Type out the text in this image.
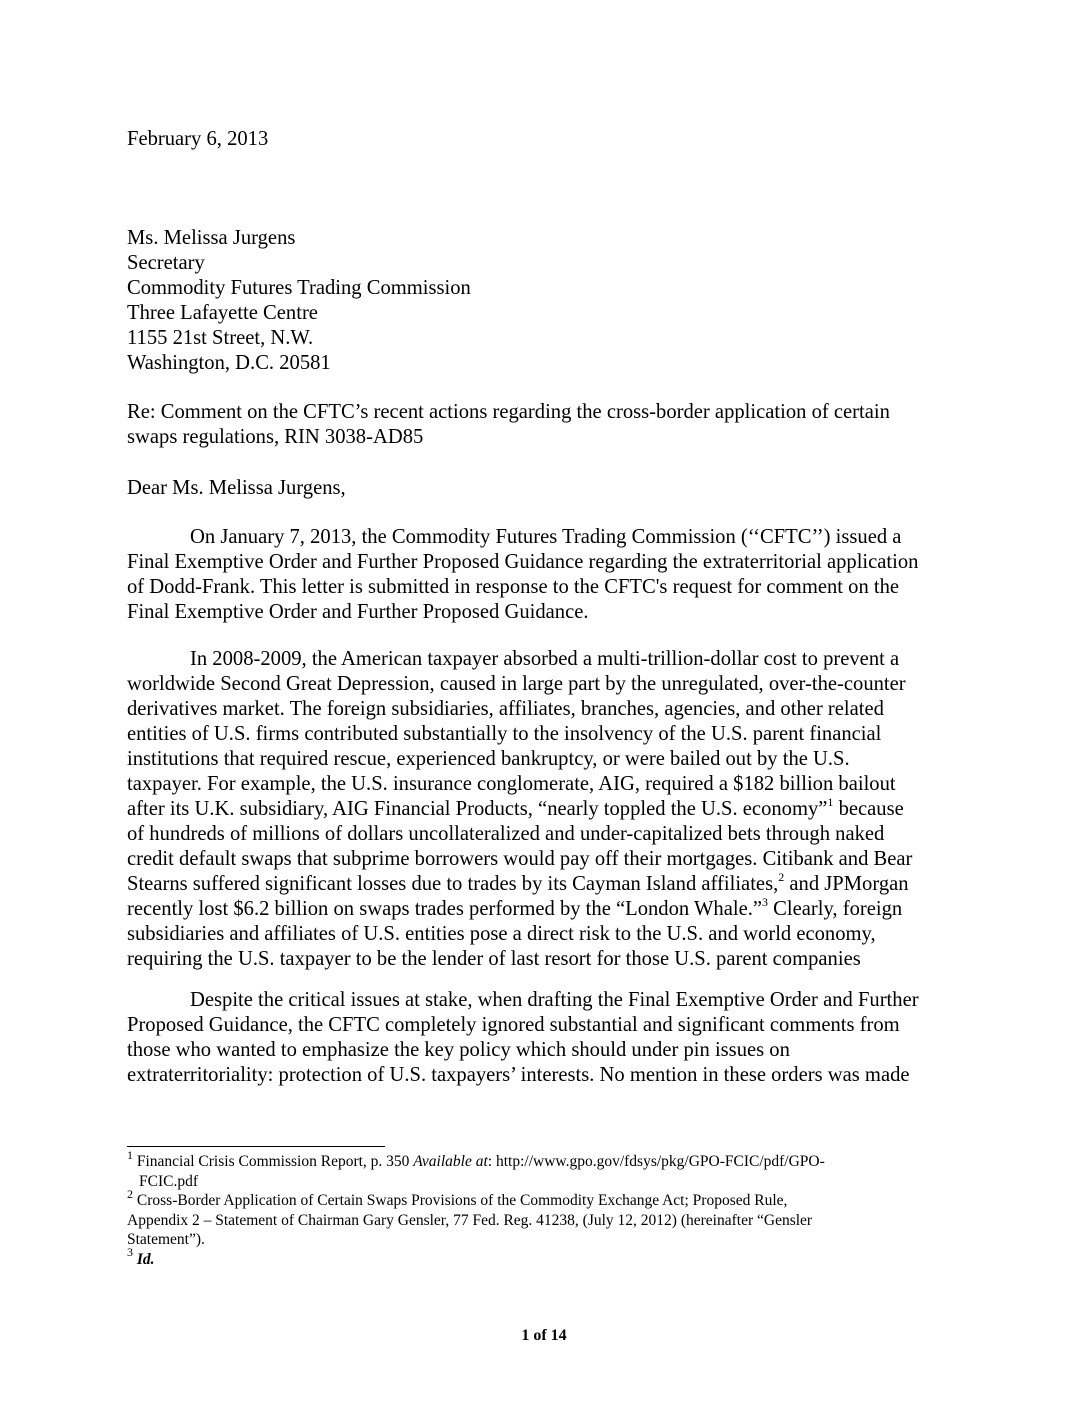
February 6, 2013
Ms. Melissa Jurgens
Secretary
Commodity Futures Trading Commission
Three Lafayette Centre
1155 21st Street, N.W.
Washington, D.C. 20581
Re: Comment on the CFTC’s recent actions regarding the cross-border application of certain
swaps regulations, RIN 3038-AD85
Dear Ms. Melissa Jurgens,
On January 7, 2013, the Commodity Futures Trading Commission (‘‘CFTC’’) issued a
Final Exemptive Order and Further Proposed Guidance regarding the extraterritorial application
of Dodd-Frank. This letter is submitted in response to the CFTC's request for comment on the
Final Exemptive Order and Further Proposed Guidance.
In 2008-2009, the American taxpayer absorbed a multi-trillion-dollar cost to prevent a
worldwide Second Great Depression, caused in large part by the unregulated, over-the-counter
derivatives market. The foreign subsidiaries, affiliates, branches, agencies, and other related
entities of U.S. firms contributed substantially to the insolvency of the U.S. parent financial
institutions that required rescue, experienced bankruptcy, or were bailed out by the U.S.
taxpayer. For example, the U.S. insurance conglomerate, AIG, required a $182 billion bailout
after its U.K. subsidiary, AIG Financial Products, “nearly toppled the U.S. economy”$^1$ because
of hundreds of millions of dollars uncollateralized and under-capitalized bets through naked
credit default swaps that subprime borrowers would pay off their mortgages. Citibank and Bear
Stearns suffered significant losses due to trades by its Cayman Island affiliates,$^2$ and JPMorgan
recently lost $6.2 billion on swaps trades performed by the “London Whale.”$^3$ Clearly, foreign
subsidiaries and affiliates of U.S. entities pose a direct risk to the U.S. and world economy,
requiring the U.S. taxpayer to be the lender of last resort for those U.S. parent companies
Despite the critical issues at stake, when drafting the Final Exemptive Order and Further
Proposed Guidance, the CFTC completely ignored substantial and significant comments from
those who wanted to emphasize the key policy which should under pin issues on
extraterritoriality: protection of U.S. taxpayers’ interests. No mention in these orders was made
$^1$ Financial Crisis Commission Report, p. 350 Available at: http://www.gpo.gov/fdsys/pkg/GPO-FCIC/pdf/GPO-
FCIC.pdf
$^2$ Cross-Border Application of Certain Swaps Provisions of the Commodity Exchange Act; Proposed Rule,
Appendix 2 – Statement of Chairman Gary Gensler, 77 Fed. Reg. 41238, (July 12, 2012) (hereinafter “Gensler
Statement”).
$^3$ Id.
1 of 14
